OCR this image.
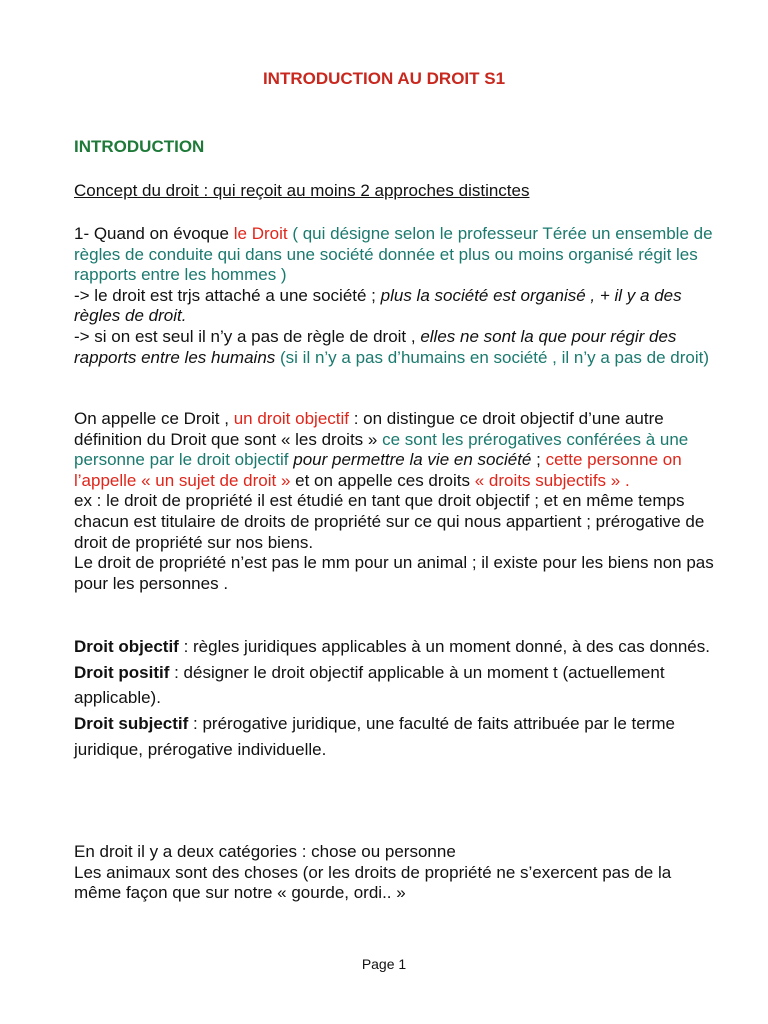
INTRODUCTION AU DROIT S1
INTRODUCTION

Concept du droit : qui reçoit au moins 2 approches distinctes

1- Quand on évoque le Droit ( qui désigne selon le professeur Térée un ensemble de règles de conduite qui dans une société donnée et plus ou moins organisé régit les rapports entre les hommes )
-> le droit est trjs attaché a une société ; plus la société est organisé , + il y a des règles de droit.
-> si on est seul il n’y a pas de règle de droit , elles ne sont la que pour régir des rapports entre les humains (si il n’y a pas d’humains en société , il n’y a pas de droit)
On appelle ce Droit , un droit objectif : on distingue ce droit objectif d’une autre définition du Droit que sont « les droits » ce sont les prérogatives conférées à une personne par le droit objectif pour permettre la vie en société ; cette personne on l’appelle « un sujet de droit » et on appelle ces droits « droits subjectifs » .
ex : le droit de propriété il est étudié en tant que droit objectif ; et en même temps chacun est titulaire de droits de propriété sur ce qui nous appartient ; prérogative de droit de propriété sur nos biens.
Le droit de propriété n’est pas le mm pour un animal ; il existe pour les biens non pas pour les personnes .
Droit objectif : règles juridiques applicables à un moment donné, à des cas donnés.
Droit positif : désigner le droit objectif applicable à un moment t (actuellement applicable).
Droit subjectif : prérogative juridique, une faculté de faits attribuée par le terme juridique, prérogative individuelle.
En droit il y a deux catégories : chose ou personne
Les animaux sont des choses (or les droits de propriété ne s’exercent pas de la même façon que sur notre « gourde, ordi.. »

Page 1
